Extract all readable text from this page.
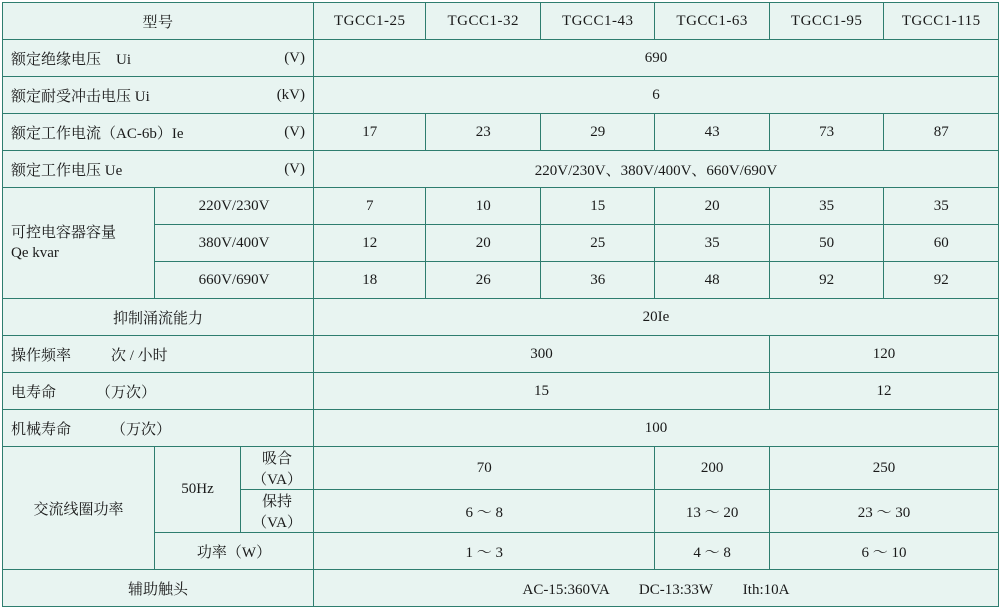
型号			TGCC1-25	TGCC1-32	TGCC1-43	TGCC1-63	TGCC1-95	TGCC1-115

额定绝缘电压　Ui (V)			690					

额定耐受冲击电压 Ui (kV)			6					

额定工作电流（AC-6b）Ie (V)			17	23	29	43	73	87

额定工作电压 Ue (V)			220V/230V、380V/400V、660V/690V					

可控电容器容量
Qe kvar	220V/230V		7	10	15	20	35	35
	380V/400V		12	20	25	35	50	60
	660V/690V		18	26	36	48	92	92
抑制涌流能力			20Ie					

操作频率 次 / 小时			300				120	

电寿命 （万次）			15				12	

机械寿命 （万次）			100					
交流线圈功率	50Hz	吸合（VA）	70			200	250	
		保持（VA）	6 ～ 8			13 ～ 20	23 ～ 30	
	功率（W）		1 ～ 3			4 ～ 8	6 ～ 10	
辅助触头			AC-15:360VA　　DC-13:33W　　Ith:10A					
